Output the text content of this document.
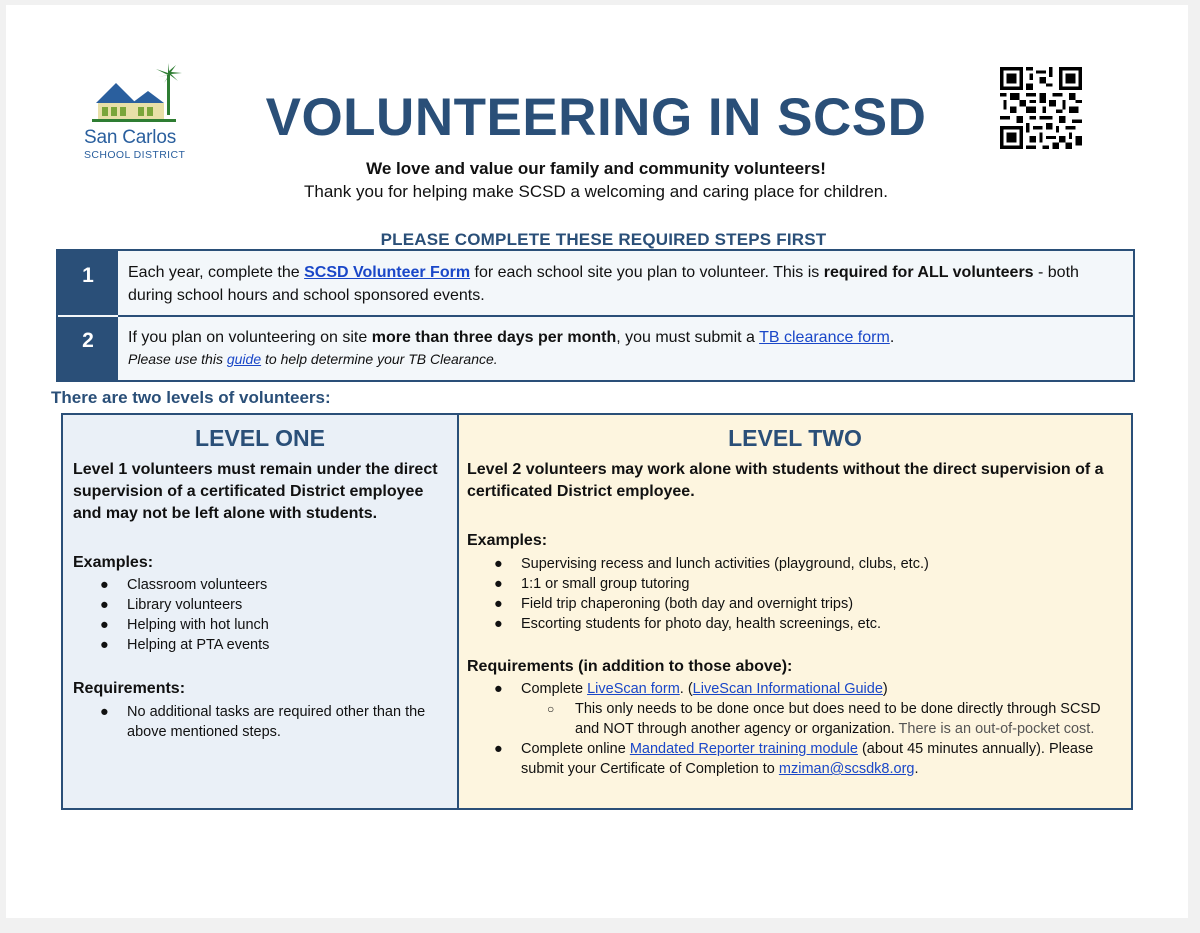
San Carlos
SCHOOL DISTRICT
VOLUNTEERING IN SCSD
We love and value our family and community volunteers!
Thank you for helping make SCSD a welcoming and caring place for children.
PLEASE COMPLETE THESE REQUIRED STEPS FIRST
1	Each year, complete the SCSD Volunteer Form for each school site you plan to volunteer. This is required for ALL volunteers - both during school hours and school sponsored events.
2	If you plan on volunteering on site more than three days per month, you must submit a TB clearance form.
Please use this guide to help determine your TB Clearance.
There are two levels of volunteers:
LEVEL ONE
Level 1 volunteers must remain under the direct supervision of a certificated District employee and may not be left alone with students.
Examples:
● Classroom volunteers
● Library volunteers
● Helping with hot lunch
● Helping at PTA events
Requirements:
● No additional tasks are required other than the above mentioned steps.
LEVEL TWO
Level 2 volunteers may work alone with students without the direct supervision of a certificated District employee.
Examples:
● Supervising recess and lunch activities (playground, clubs, etc.)
● 1:1 or small group tutoring
● Field trip chaperoning (both day and overnight trips)
● Escorting students for photo day, health screenings, etc.
Requirements (in addition to those above):
● Complete LiveScan form. (LiveScan Informational Guide)
○ This only needs to be done once but does need to be done directly through SCSD and NOT through another agency or organization. There is an out-of-pocket cost.
● Complete online Mandated Reporter training module (about 45 minutes annually). Please submit your Certificate of Completion to mziman@scsdk8.org.
